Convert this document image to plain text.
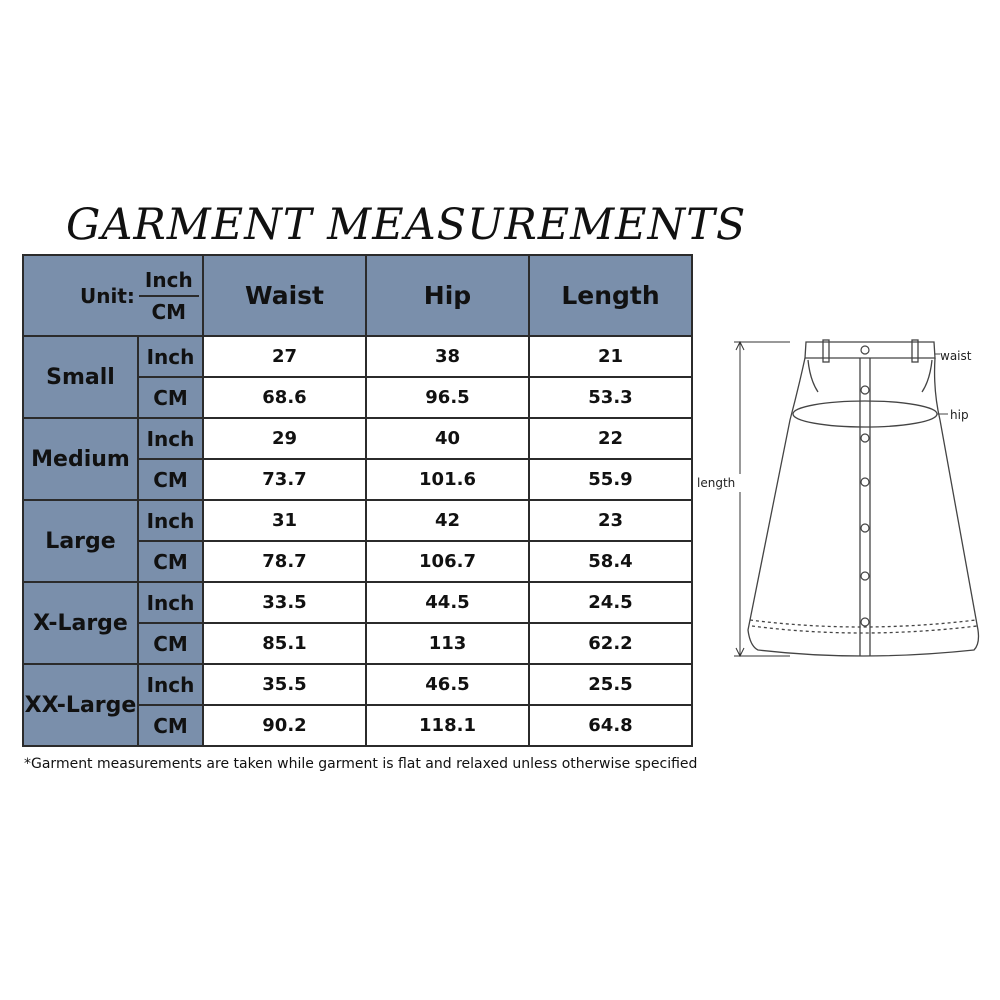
GARMENT MEASUREMENTS
Unit: $\frac{\text{Inch}}{CM}$		Waist	Hip	Length
Small	Inch	27	38	21
	CM	68.6	96.5	53.3
Medium	Inch	29	40	22
	CM	73.7	101.6	55.9
Large	Inch	31	42	23
	CM	78.7	106.7	58.4
X-Large	Inch	33.5	44.5	24.5
	CM	85.1	113	62.2
XX-Large	Inch	35.5	46.5	25.5
	CM	90.2	118.1	64.8
*Garment measurements are taken while garment is flat and relaxed unless otherwise specified
length
waist
hip
